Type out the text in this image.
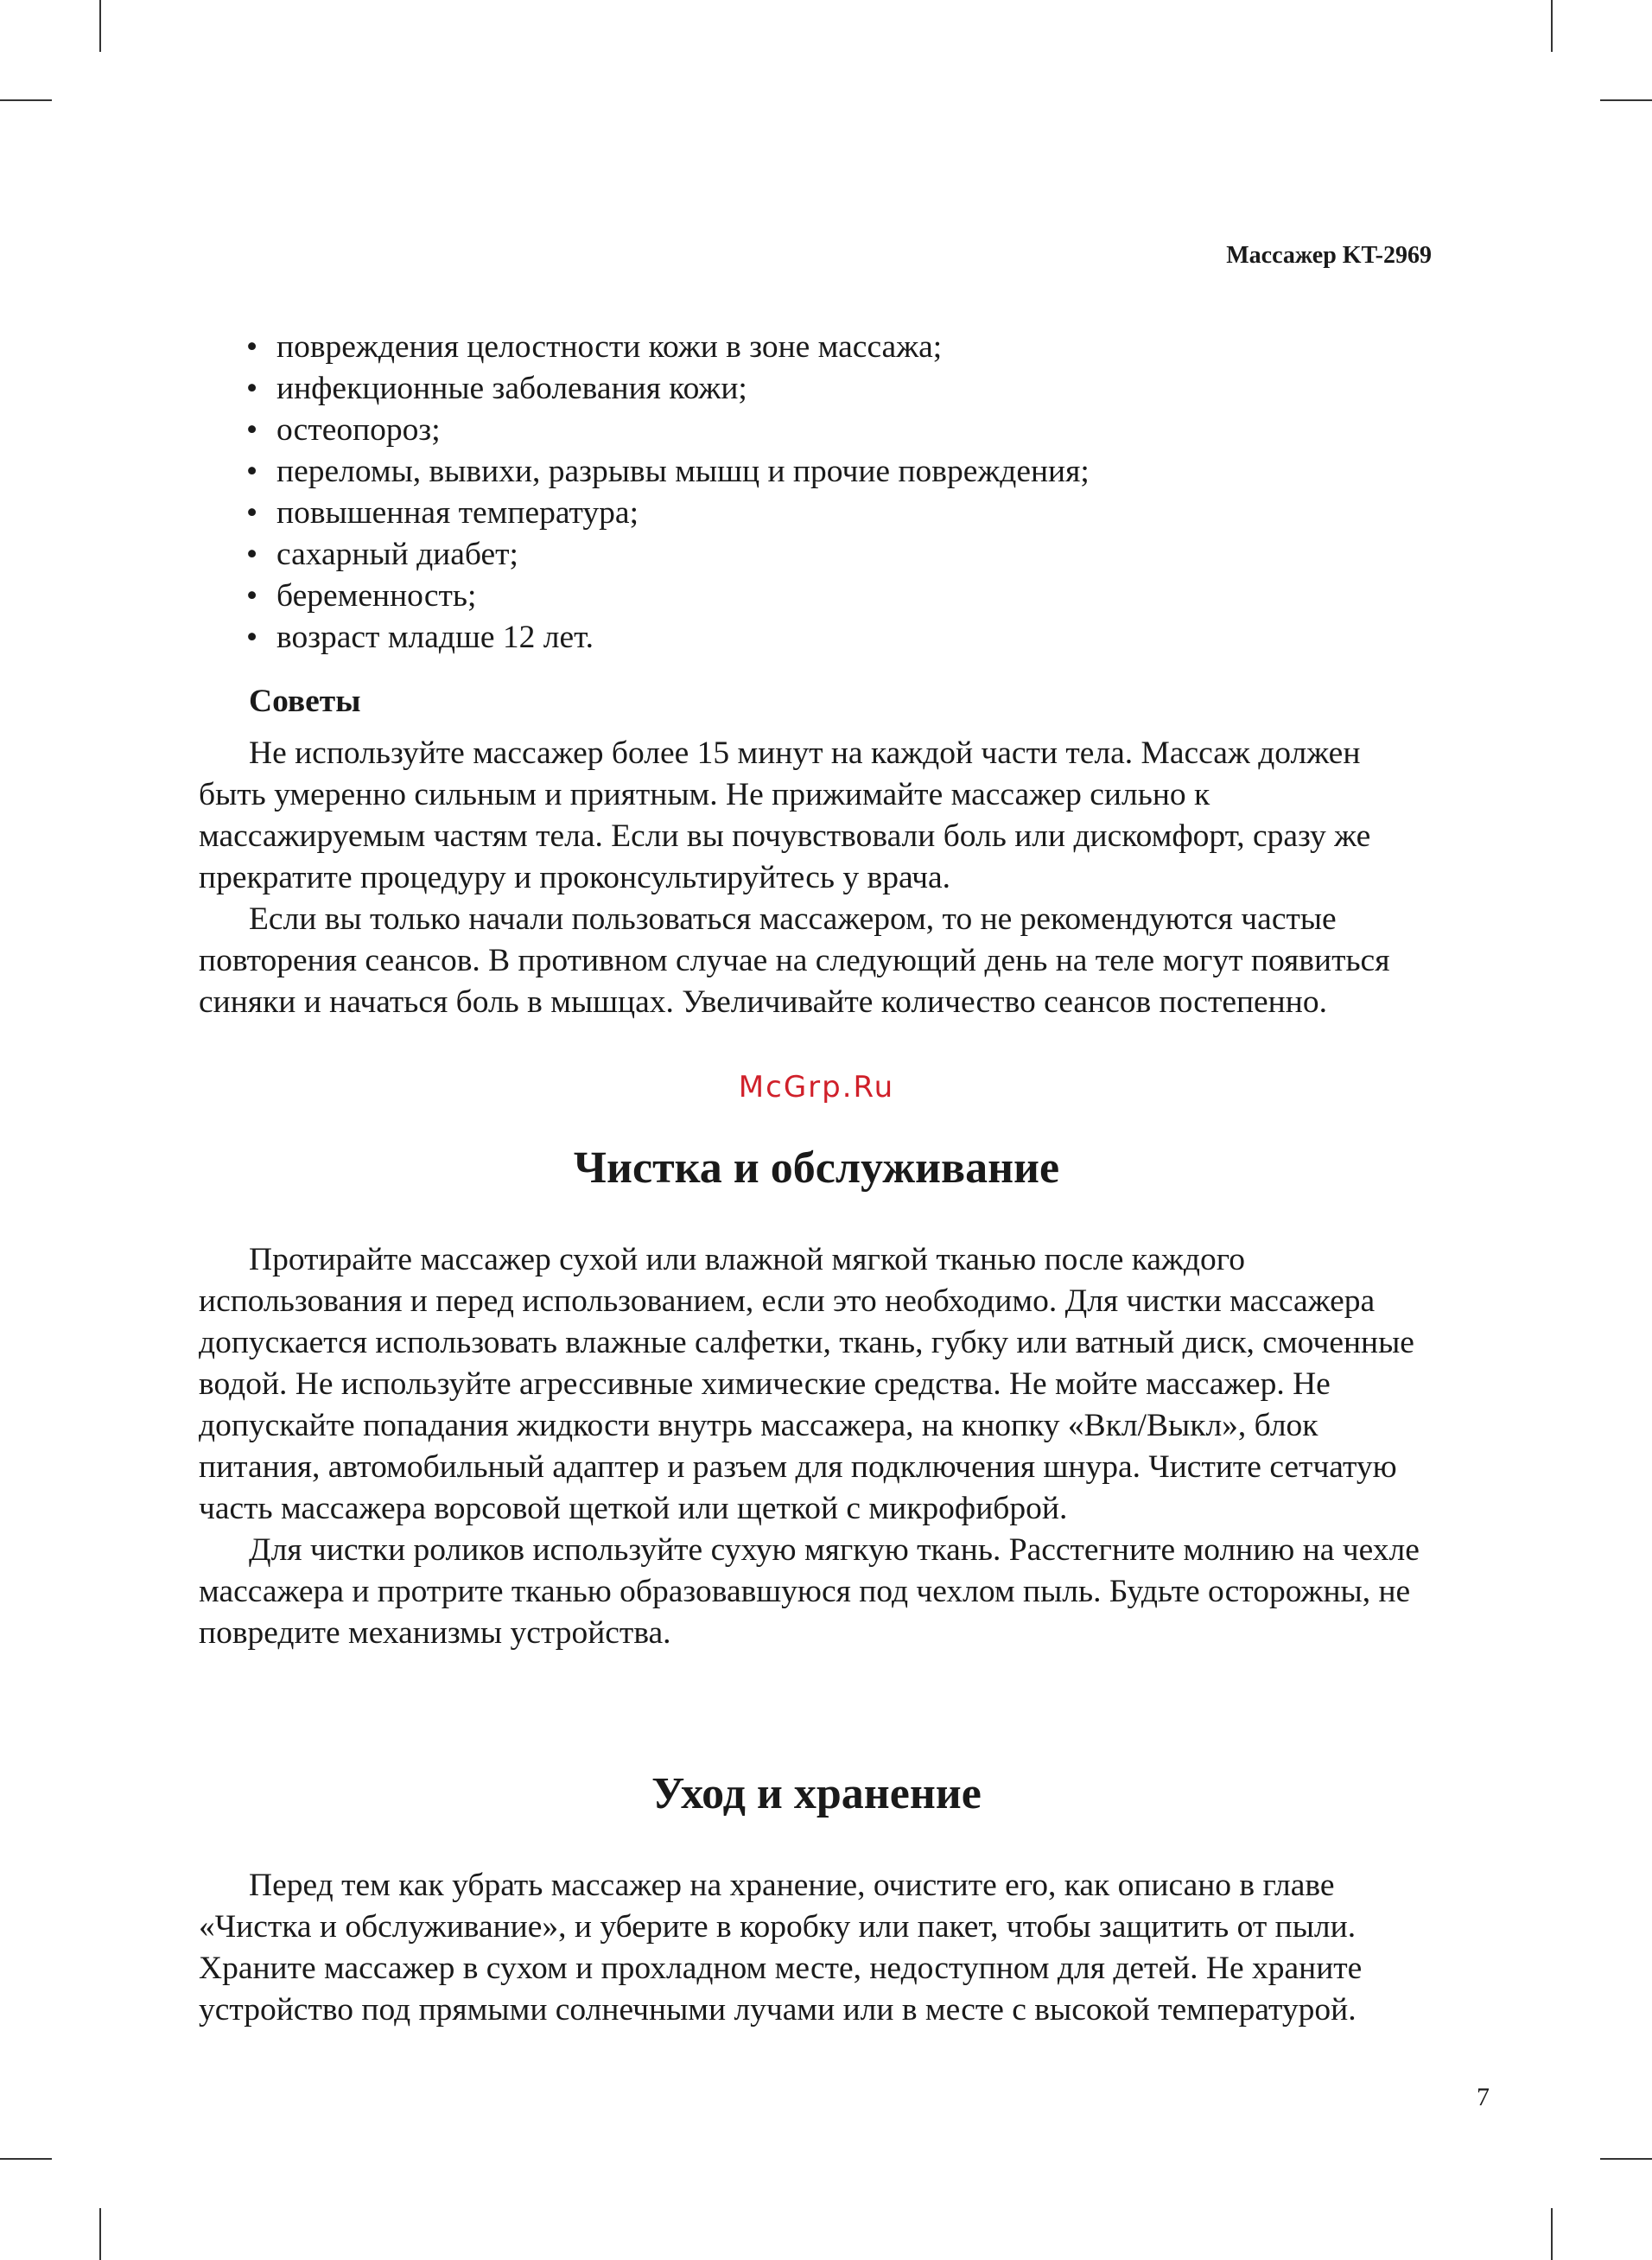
Массажер KT-2969
• повреждения целостности кожи в зоне массажа;
• инфекционные заболевания кожи;
• остеопороз;
• переломы, вывихи, разрывы мышц и прочие повреждения;
• повышенная температура;
• сахарный диабет;
• беременность;
• возраст младше 12 лет.
Советы

Не используйте массажер более 15 минут на каждой части тела. Массаж должен быть умеренно сильным и приятным. Не прижимайте массажер сильно к массажируемым частям тела. Если вы почувствовали боль или дискомфорт, сразу же прекратите процедуру и проконсультируйтесь у врача.

Если вы только начали пользоваться массажером, то не рекомендуются частые повторения сеансов. В противном случае на следующий день на теле могут появиться синяки и начаться боль в мышцах. Увеличивайте количество сеансов постепенно.

McGrp.Ru
Чистка и обслуживание

Протирайте массажер сухой или влажной мягкой тканью после каждого использования и перед использованием, если это необходимо. Для чистки массажера допускается использовать влажные салфетки, ткань, губку или ватный диск, смоченные водой. Не используйте агрессивные химические средства. Не мойте массажер. Не допускайте попадания жидкости внутрь массажера, на кнопку «Вкл/Выкл», блок питания, автомобильный адаптер и разъем для подключения шнура. Чистите сетчатую часть массажера ворсовой щеткой или щеткой с микрофиброй.

Для чистки роликов используйте сухую мягкую ткань. Расстегните молнию на чехле массажера и протрите тканью образовавшуюся под чехлом пыль. Будьте осторожны, не повредите механизмы устройства.

Уход и хранение

Перед тем как убрать массажер на хранение, очистите его, как описано в главе «Чистка и обслуживание», и уберите в коробку или пакет, чтобы защитить от пыли. Храните массажер в сухом и прохладном месте, недоступном для детей. Не храните устройство под прямыми солнечными лучами или в месте с высокой температурой.

7
